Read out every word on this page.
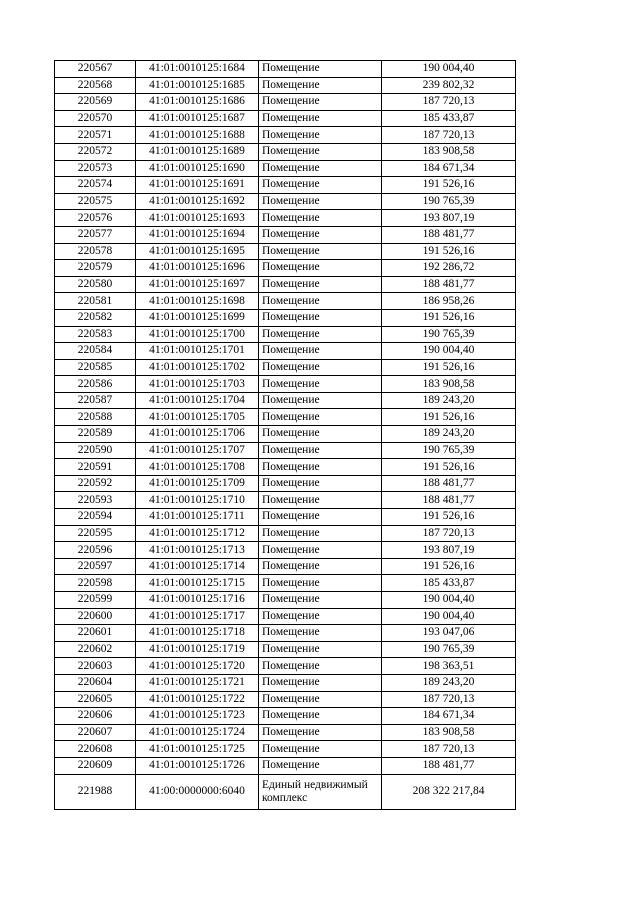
220567	41:01:0010125:1684	Помещение	190 004,40
220568	41:01:0010125:1685	Помещение	239 802,32
220569	41:01:0010125:1686	Помещение	187 720,13
220570	41:01:0010125:1687	Помещение	185 433,87
220571	41:01:0010125:1688	Помещение	187 720,13
220572	41:01:0010125:1689	Помещение	183 908,58
220573	41:01:0010125:1690	Помещение	184 671,34
220574	41:01:0010125:1691	Помещение	191 526,16
220575	41:01:0010125:1692	Помещение	190 765,39
220576	41:01:0010125:1693	Помещение	193 807,19
220577	41:01:0010125:1694	Помещение	188 481,77
220578	41:01:0010125:1695	Помещение	191 526,16
220579	41:01:0010125:1696	Помещение	192 286,72
220580	41:01:0010125:1697	Помещение	188 481,77
220581	41:01:0010125:1698	Помещение	186 958,26
220582	41:01:0010125:1699	Помещение	191 526,16
220583	41:01:0010125:1700	Помещение	190 765,39
220584	41:01:0010125:1701	Помещение	190 004,40
220585	41:01:0010125:1702	Помещение	191 526,16
220586	41:01:0010125:1703	Помещение	183 908,58
220587	41:01:0010125:1704	Помещение	189 243,20
220588	41:01:0010125:1705	Помещение	191 526,16
220589	41:01:0010125:1706	Помещение	189 243,20
220590	41:01:0010125:1707	Помещение	190 765,39
220591	41:01:0010125:1708	Помещение	191 526,16
220592	41:01:0010125:1709	Помещение	188 481,77
220593	41:01:0010125:1710	Помещение	188 481,77
220594	41:01:0010125:1711	Помещение	191 526,16
220595	41:01:0010125:1712	Помещение	187 720,13
220596	41:01:0010125:1713	Помещение	193 807,19
220597	41:01:0010125:1714	Помещение	191 526,16
220598	41:01:0010125:1715	Помещение	185 433,87
220599	41:01:0010125:1716	Помещение	190 004,40
220600	41:01:0010125:1717	Помещение	190 004,40
220601	41:01:0010125:1718	Помещение	193 047,06
220602	41:01:0010125:1719	Помещение	190 765,39
220603	41:01:0010125:1720	Помещение	198 363,51
220604	41:01:0010125:1721	Помещение	189 243,20
220605	41:01:0010125:1722	Помещение	187 720,13
220606	41:01:0010125:1723	Помещение	184 671,34
220607	41:01:0010125:1724	Помещение	183 908,58
220608	41:01:0010125:1725	Помещение	187 720,13
220609	41:01:0010125:1726	Помещение	188 481,77
221988	41:00:0000000:6040	Единый недвижимый комплекс	208 322 217,84
